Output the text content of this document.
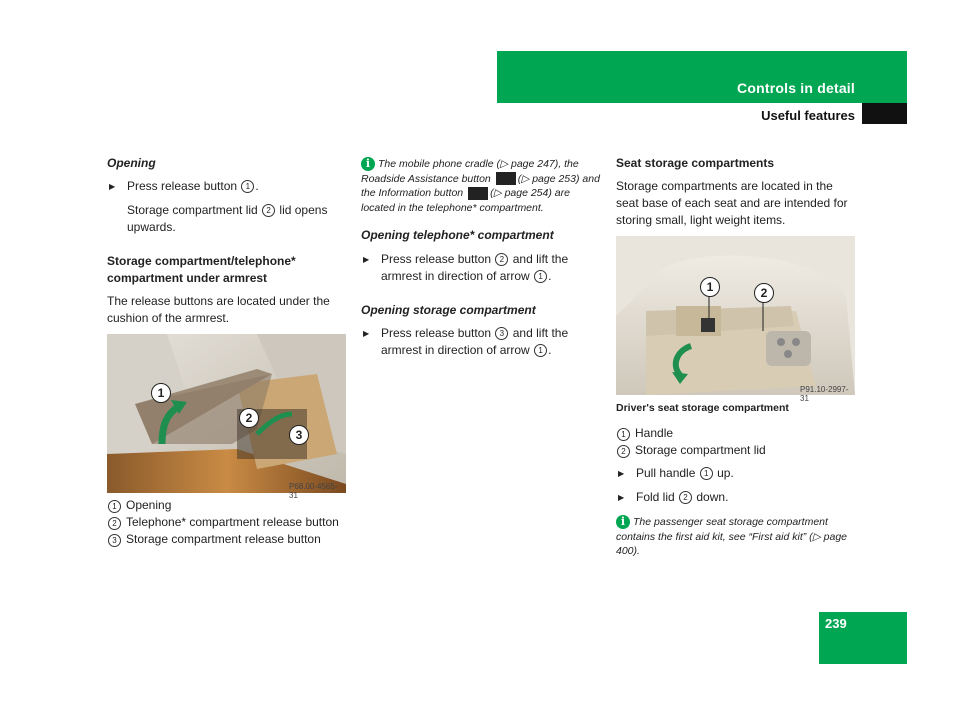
Controls in detail
Useful features
Opening
▶ Press release button 1 .
Storage compartment lid 2 lid opens upwards.
Storage compartment/telephone*
compartment under armrest
The release buttons are located under the cushion of the armrest.
1
2
3
P68.00-4565-31
1 Opening
2 Telephone* compartment release button
3 Storage compartment release button
i The mobile phone cradle (▷ page 247), the Roadside Assistance button	(▷ page 253) and the Information button	(▷ page 254) are located in the telephone* compartment.
Opening telephone* compartment
▶ Press release button 2 and lift the armrest in direction of arrow 1 .
Opening storage compartment
▶ Press release button 3 and lift the armrest in direction of arrow 1 .
Seat storage compartments
Storage compartments are located in the seat base of each seat and are intended for storing small, light weight items.
1	2
P91.10-2997-31
Driver's seat storage compartment
1 Handle
2 Storage compartment lid
▶ Pull handle 1 up.
▶ Fold lid 2 down.
i The passenger seat storage compartment contains the first aid kit, see “First aid kit” (▷ page 400).
239
